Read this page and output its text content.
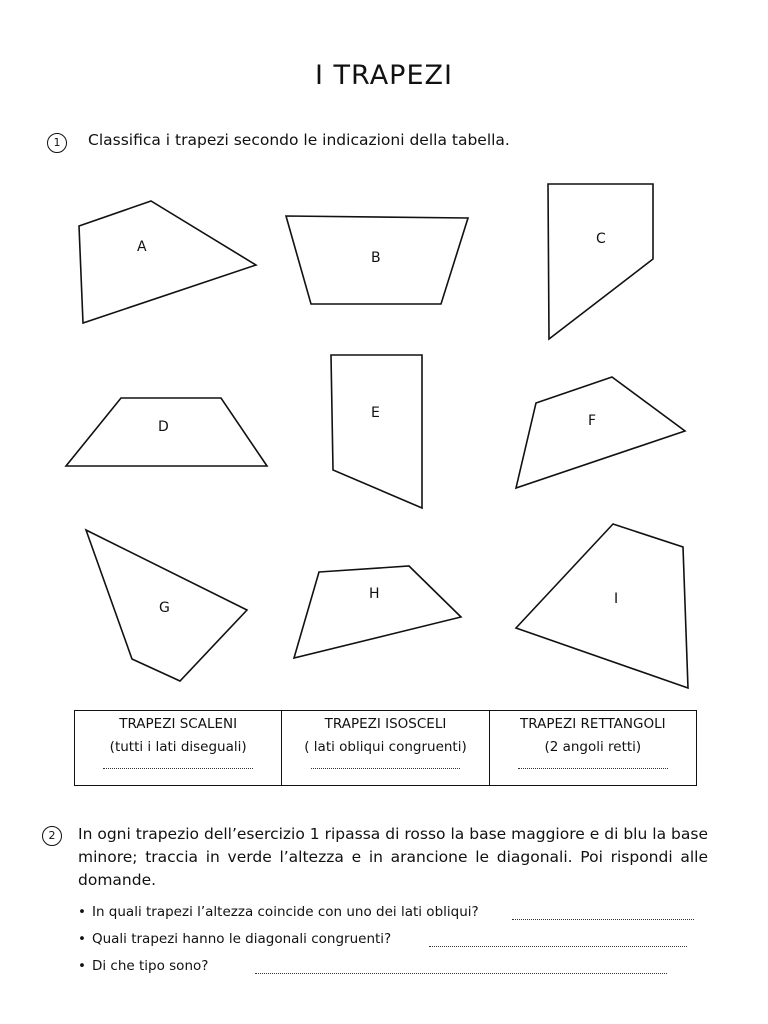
I TRAPEZI
1	Classifica i trapezi secondo le indicazioni della tabella.
A
B
C
D
E	F
G
H	I
TRAPEZI SCALENI
(tutti i lati diseguali)

TRAPEZI ISOSCELI
( lati obliqui congruenti)

TRAPEZI RETTANGOLI
(2 angoli retti)
2	In ogni trapezio dell’esercizio 1 ripassa di rosso la base maggiore e di blu la base minore; traccia in verde l’altezza e in arancione le diagonali. Poi rispondi alle domande.
• In quali trapezi l’altezza coincide con uno dei lati obliqui?
• Quali trapezi hanno le diagonali congruenti?
• Di che tipo sono?
